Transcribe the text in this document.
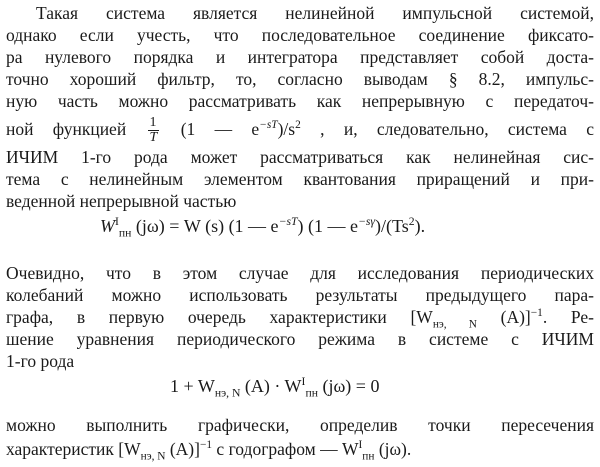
Такая система является нелинейной импульсной системой,
однако если учесть, что последовательное соединение фиксато-
ра нулевого порядка и интегратора представляет собой доста-
точно хороший фильтр, то, согласно выводам § 8.2, импульс-
ную часть можно рассматривать как непрерывную с передаточ-
ной функцией $\frac{1}{T} (1$ — $e^{-sT})/s^2$ , и, следовательно, система с
ИЧИМ 1-го рода может рассматриваться как нелинейная сис-
тема с нелинейным элементом квантования приращений и при-
веденной непрерывной частью
$W^I_{пн}$ (jω) = W (s) (1 — $e^{-sT}$) (1 — $e^{-s\gamma})/(Ts^2)$.
Очевидно, что в этом случае для исследования периодических
колебаний можно использовать результаты предыдущего пара-
графа, в первую очередь характеристики [$W_{нэ, N}$ (A)]$^{-1}$. Ре-
шение уравнения периодического режима в системе с ИЧИМ
1-го рода
$1 + W_{нэ, N}$ $(A) \cdot W^I_{пн}$ (jω) = 0
можно выполнить графически, определив точки пересечения
характеристик [$W_{нэ, N}$ (A)]$^{-1}$ с годографом — $W^I_{пн}$ (jω).
